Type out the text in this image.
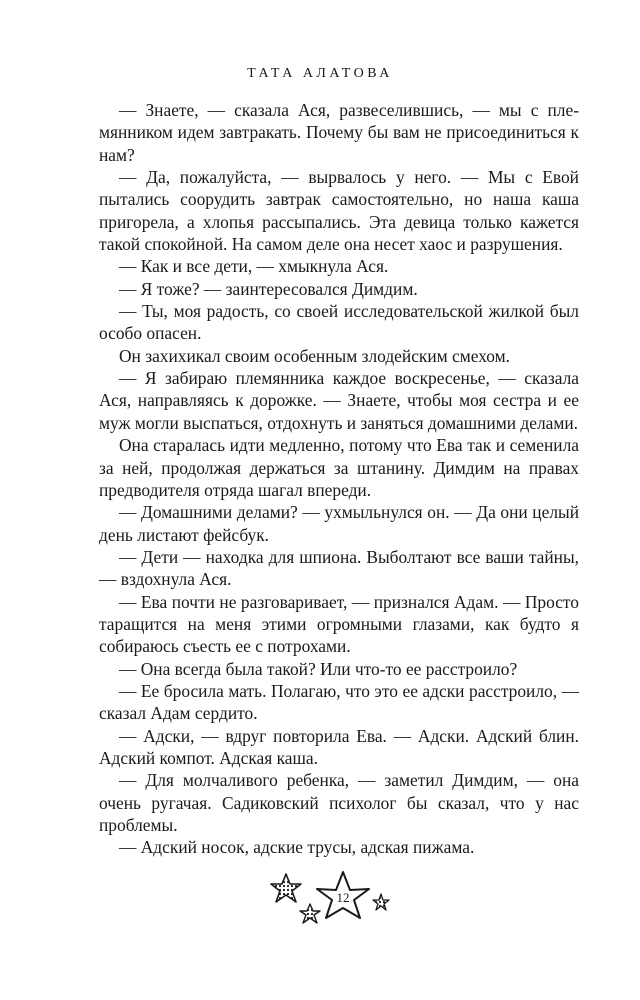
ТАТА АЛАТОВА

— Знаете, — сказала Ася, развеселившись, — мы с племянником идем завтракать. Почему бы вам не присоединиться к нам?

— Да, пожалуйста, — вырвалось у него. — Мы с Евой пытались соорудить завтрак самостоятельно, но наша каша пригорела, а хлопья рассыпались. Эта девица только кажется такой спокойной. На самом деле она несет хаос и разрушения.

— Как и все дети, — хмыкнула Ася.

— Я тоже? — заинтересовался Димдим.

— Ты, моя радость, со своей исследовательской жилкой был особо опасен.

Он захихикал своим особенным злодейским смехом.

— Я забираю племянника каждое воскресенье, — сказала Ася, направляясь к дорожке. — Знаете, чтобы моя сестра и ее муж могли выспаться, отдохнуть и заняться домашними делами.

Она старалась идти медленно, потому что Ева так и семенила за ней, продолжая держаться за штанину. Димдим на правах предводителя отряда шагал впереди.

— Домашними делами? — ухмыльнулся он. — Да они целый день листают фейсбук.

— Дети — находка для шпиона. Выболтают все ваши тайны, — вздохнула Ася.

— Ева почти не разговаривает, — признался Адам. — Просто таращится на меня этими огромными глазами, как будто я собираюсь съесть ее с потрохами.

— Она всегда была такой? Или что-то ее расстроило?

— Ее бросила мать. Полагаю, что это ее адски расстроило, — сказал Адам сердито.

— Адски, — вдруг повторила Ева. — Адски. Адский блин. Адский компот. Адская каша.

— Для молчаливого ребенка, — заметил Димдим, — она очень ругачая. Садиковский психолог бы сказал, что у нас проблемы.

— Адский носок, адские трусы, адская пижама.

12
